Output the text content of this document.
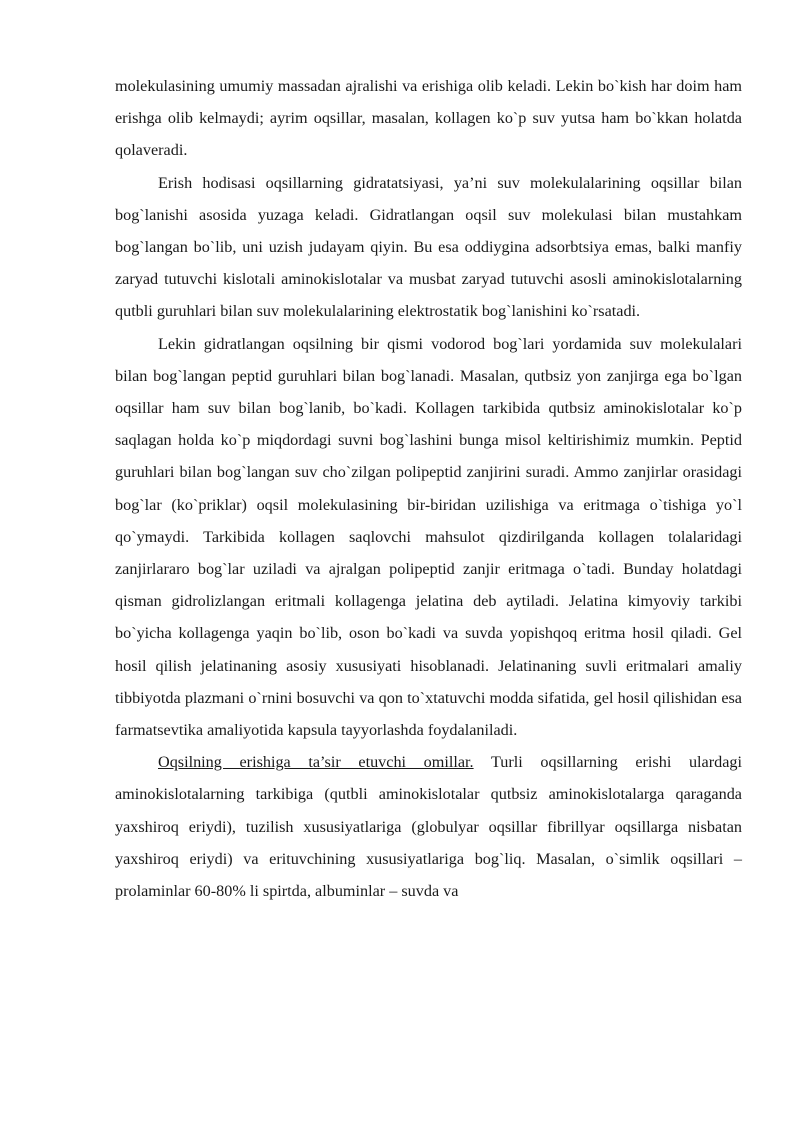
molekulasining umumiy massadan ajralishi va erishiga olib keladi. Lekin bo`kish har doim ham erishga olib kelmaydi; ayrim oqsillar, masalan, kollagen ko`p suv yutsa ham bo`kkan holatda qolaveradi.

Erish hodisasi oqsillarning gidratatsiyasi, ya’ni suv molekulalarining oqsillar bilan bog`lanishi asosida yuzaga keladi. Gidratlangan oqsil suv molekulasi bilan mustahkam bog`langan bo`lib, uni uzish judayam qiyin. Bu esa oddiygina adsorbtsiya emas, balki manfiy zaryad tutuvchi kislotali aminokislotalar va musbat zaryad tutuvchi asosli aminokislotalarning qutbli guruhlari bilan suv molekulalarining elektrostatik bog`lanishini ko`rsatadi.

Lekin gidratlangan oqsilning bir qismi vodorod bog`lari yordamida suv molekulalari bilan bog`langan peptid guruhlari bilan bog`lanadi. Masalan, qutbsiz yon zanjirga ega bo`lgan oqsillar ham suv bilan bog`lanib, bo`kadi. Kollagen tarkibida qutbsiz aminokislotalar ko`p saqlagan holda ko`p miqdordagi suvni bog`lashini bunga misol keltirishimiz mumkin. Peptid guruhlari bilan bog`langan suv cho`zilgan polipeptid zanjirini suradi. Ammo zanjirlar orasidagi bog`lar (ko`priklar) oqsil molekulasining bir-biridan uzilishiga va eritmaga o`tishiga yo`l qo`ymaydi. Tarkibida kollagen saqlovchi mahsulot qizdirilganda kollagen tolalaridagi zanjirlararo bog`lar uziladi va ajralgan polipeptid zanjir eritmaga o`tadi. Bunday holatdagi qisman gidrolizlangan eritmali kollagenga jelatina deb aytiladi. Jelatina kimyoviy tarkibi bo`yicha kollagenga yaqin bo`lib, oson bo`kadi va suvda yopishqoq eritma hosil qiladi. Gel hosil qilish jelatinaning asosiy xususiyati hisoblanadi. Jelatinaning suvli eritmalari amaliy tibbiyotda plazmani o`rnini bosuvchi va qon to`xtatuvchi modda sifatida, gel hosil qilishidan esa farmatsevtika amaliyotida kapsula tayyorlashda foydalaniladi.

Oqsilning erishiga ta’sir etuvchi omillar. Turli oqsillarning erishi ulardagi aminokislotalarning tarkibiga (qutbli aminokislotalar qutbsiz aminokislotalarga qaraganda yaxshiroq eriydi), tuzilish xususiyatlariga (globulyar oqsillar fibrillyar oqsillarga nisbatan yaxshiroq eriydi) va erituvchining xususiyatlariga bog`liq. Masalan, o`simlik oqsillari – prolaminlar 60-80% li spirtda, albuminlar – suvda va
